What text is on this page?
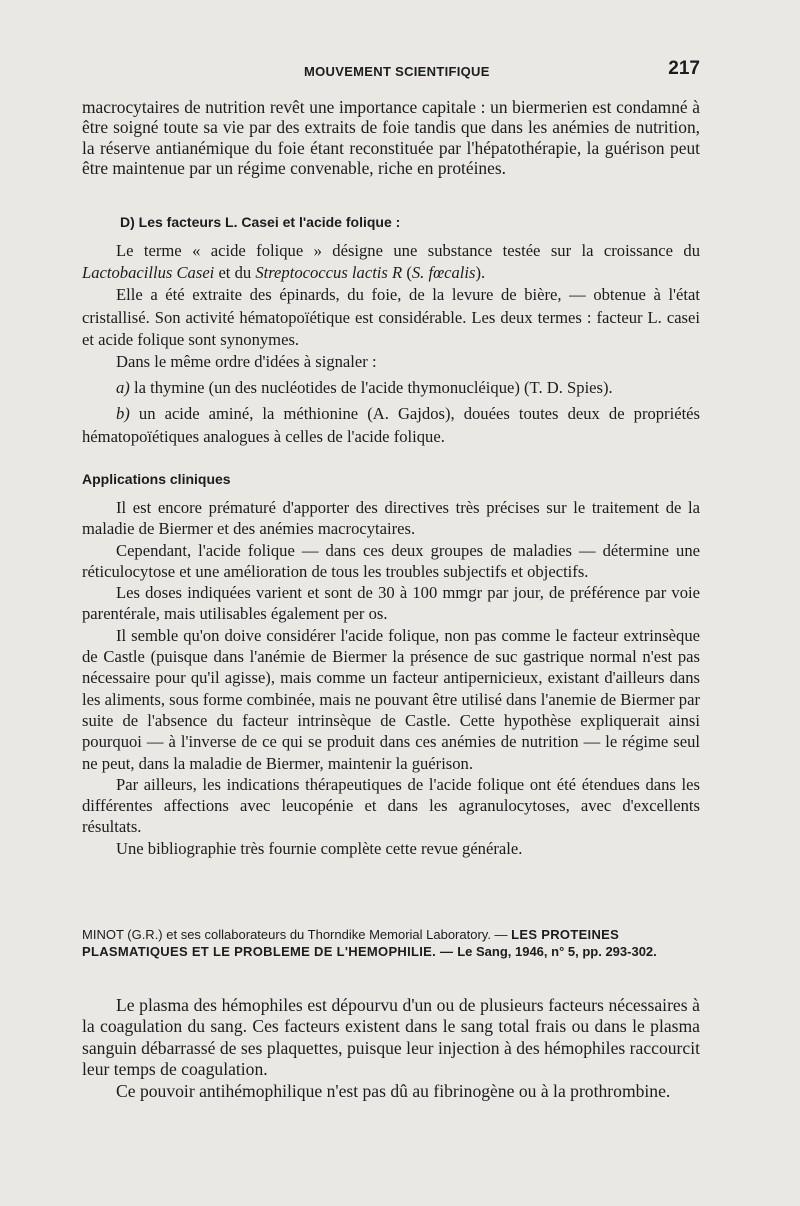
MOUVEMENT SCIENTIFIQUE	217

macrocytaires de nutrition revêt une importance capitale : un biermerien est condamné à être soigné toute sa vie par des extraits de foie tandis que dans les anémies de nutrition, la réserve antianémique du foie étant reconstituée par l'hépatothérapie, la guérison peut être maintenue par un régime convenable, riche en protéines.

D) Les facteurs L. Casei et l'acide folique :

Le terme « acide folique » désigne une substance testée sur la croissance du Lactobacillus Casei et du Streptococcus lactis R (S. fœcalis).

Elle a été extraite des épinards, du foie, de la levure de bière, — obtenue à l'état cristallisé. Son activité hématopoïétique est considérable. Les deux termes : facteur L. casei et acide folique sont synonymes.

Dans le même ordre d'idées à signaler :

a) la thymine (un des nucléotides de l'acide thymonucléique) (T. D. Spies).

b) un acide aminé, la méthionine (A. Gajdos), douées toutes deux de propriétés hématopoïétiques analogues à celles de l'acide folique.

Applications cliniques

Il est encore prématuré d'apporter des directives très précises sur le traitement de la maladie de Biermer et des anémies macrocytaires.

Cependant, l'acide folique — dans ces deux groupes de maladies — détermine une réticulocytose et une amélioration de tous les troubles subjectifs et objectifs.

Les doses indiquées varient et sont de 30 à 100 mmgr par jour, de préférence par voie parentérale, mais utilisables également per os.

Il semble qu'on doive considérer l'acide folique, non pas comme le facteur extrinsèque de Castle (puisque dans l'anémie de Biermer la présence de suc gastrique normal n'est pas nécessaire pour qu'il agisse), mais comme un facteur antipernicieux, existant d'ailleurs dans les aliments, sous forme combinée, mais ne pouvant être utilisé dans l'anemie de Biermer par suite de l'absence du facteur intrinsèque de Castle. Cette hypothèse expliquerait ainsi pourquoi — à l'inverse de ce qui se produit dans ces anémies de nutrition — le régime seul ne peut, dans la maladie de Biermer, maintenir la guérison.

Par ailleurs, les indications thérapeutiques de l'acide folique ont été étendues dans les différentes affections avec leucopénie et dans les agranulocytoses, avec d'excellents résultats.

Une bibliographie très fournie complète cette revue générale.

MINOT (G.R.) et ses collaborateurs du Thorndike Memorial Laboratory. — LES PROTEINES PLASMATIQUES ET LE PROBLEME DE L'HEMOPHILIE. — Le Sang, 1946, n° 5, pp. 293-302.

Le plasma des hémophiles est dépourvu d'un ou de plusieurs facteurs nécessaires à la coagulation du sang. Ces facteurs existent dans le sang total frais ou dans le plasma sanguin débarrassé de ses plaquettes, puisque leur injection à des hémophiles raccourcit leur temps de coagulation.

Ce pouvoir antihémophilique n'est pas dû au fibrinogène ou à la prothrombine.
